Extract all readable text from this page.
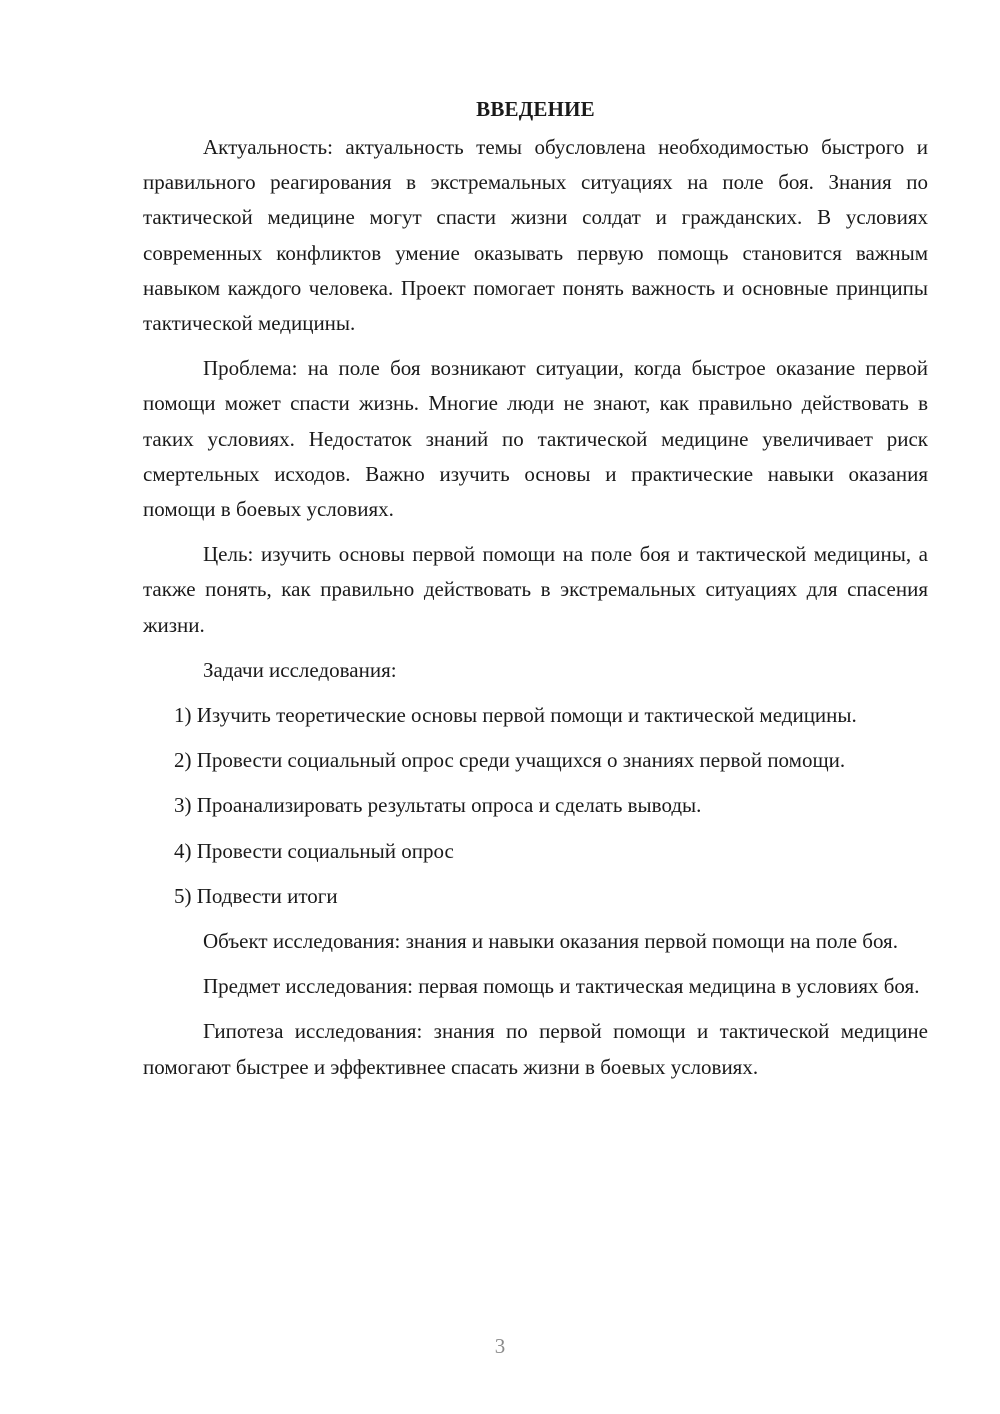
ВВЕДЕНИЕ

Актуальность: актуальность темы обусловлена необходимостью быстрого и правильного реагирования в экстремальных ситуациях на поле боя. Знания по тактической медицине могут спасти жизни солдат и гражданских. В условиях современных конфликтов умение оказывать первую помощь становится важным навыком каждого человека. Проект помогает понять важность и основные принципы тактической медицины.

Проблема: на поле боя возникают ситуации, когда быстрое оказание первой помощи может спасти жизнь. Многие люди не знают, как правильно действовать в таких условиях. Недостаток знаний по тактической медицине увеличивает риск смертельных исходов. Важно изучить основы и практические навыки оказания помощи в боевых условиях.

Цель: изучить основы первой помощи на поле боя и тактической медицины, а также понять, как правильно действовать в экстремальных ситуациях для спасения жизни.

Задачи исследования:

1) Изучить теоретические основы первой помощи и тактической медицины.

2) Провести социальный опрос среди учащихся о знаниях первой помощи.

3) Проанализировать результаты опроса и сделать выводы.

4) Провести социальный опрос

5) Подвести итоги

Объект исследования: знания и навыки оказания первой помощи на поле боя.

Предмет исследования: первая помощь и тактическая медицина в условиях боя.

Гипотеза исследования: знания по первой помощи и тактической медицине помогают быстрее и эффективнее спасать жизни в боевых условиях.

3
